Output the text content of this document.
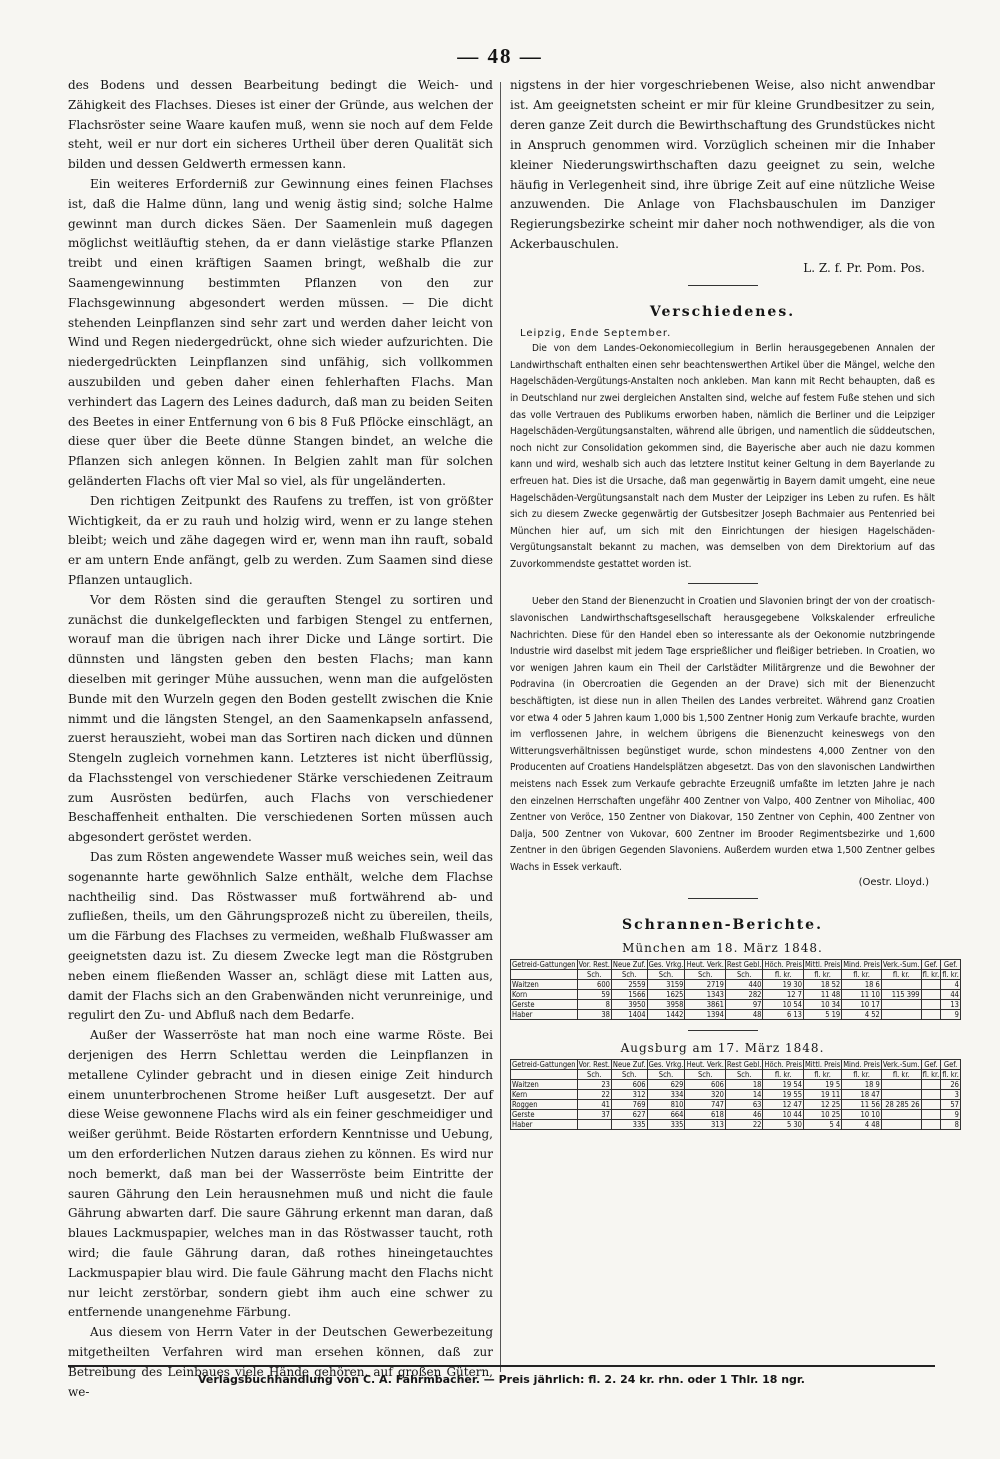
— 48 —

des Bodens und dessen Bearbeitung bedingt die Weich- und Zähigkeit des Flachses. Dieses ist einer der Gründe, aus welchen der Flachsröster seine Waare kaufen muß, wenn sie noch auf dem Felde steht, weil er nur dort ein sicheres Urtheil über deren Qualität sich bilden und dessen Geldwerth ermessen kann.

Ein weiteres Erforderniß zur Gewinnung eines feinen Flachses ist, daß die Halme dünn, lang und wenig ästig sind; solche Halme gewinnt man durch dickes Säen. Der Saamenlein muß dagegen möglichst weitläuftig stehen, da er dann vielästige starke Pflanzen treibt und einen kräftigen Saamen bringt, weßhalb die zur Saamengewinnung bestimmten Pflanzen von den zur Flachsgewinnung abgesondert werden müssen. — Die dicht stehenden Leinpflanzen sind sehr zart und werden daher leicht von Wind und Regen niedergedrückt, ohne sich wieder aufzurichten. Die niedergedrückten Leinpflanzen sind unfähig, sich vollkommen auszubilden und geben daher einen fehlerhaften Flachs. Man verhindert das Lagern des Leines dadurch, daß man zu beiden Seiten des Beetes in einer Entfernung von 6 bis 8 Fuß Pflöcke einschlägt, an diese quer über die Beete dünne Stangen bindet, an welche die Pflanzen sich anlegen können. In Belgien zahlt man für solchen geländerten Flachs oft vier Mal so viel, als für ungeländerten.

Den richtigen Zeitpunkt des Raufens zu treffen, ist von größter Wichtigkeit, da er zu rauh und holzig wird, wenn er zu lange stehen bleibt; weich und zähe dagegen wird er, wenn man ihn rauft, sobald er am untern Ende anfängt, gelb zu werden. Zum Saamen sind diese Pflanzen untauglich.

Vor dem Rösten sind die gerauften Stengel zu sortiren und zunächst die dunkelgefleckten und farbigen Stengel zu entfernen, worauf man die übrigen nach ihrer Dicke und Länge sortirt. Die dünnsten und längsten geben den besten Flachs; man kann dieselben mit geringer Mühe aussuchen, wenn man die aufgelösten Bunde mit den Wurzeln gegen den Boden gestellt zwischen die Knie nimmt und die längsten Stengel, an den Saamenkapseln anfassend, zuerst herauszieht, wobei man das Sortiren nach dicken und dünnen Stengeln zugleich vornehmen kann. Letzteres ist nicht überflüssig, da Flachsstengel von verschiedener Stärke verschiedenen Zeitraum zum Ausrösten bedürfen, auch Flachs von verschiedener Beschaffenheit enthalten. Die verschiedenen Sorten müssen auch abgesondert geröstet werden.

Das zum Rösten angewendete Wasser muß weiches sein, weil das sogenannte harte gewöhnlich Salze enthält, welche dem Flachse nachtheilig sind. Das Röstwasser muß fortwährend ab- und zufließen, theils, um den Gährungsprozeß nicht zu übereilen, theils, um die Färbung des Flachses zu vermeiden, weßhalb Flußwasser am geeignetsten dazu ist. Zu diesem Zwecke legt man die Röstgruben neben einem fließenden Wasser an, schlägt diese mit Latten aus, damit der Flachs sich an den Grabenwänden nicht verunreinige, und regulirt den Zu- und Abfluß nach dem Bedarfe.

Außer der Wasserröste hat man noch eine warme Röste. Bei derjenigen des Herrn Schlettau werden die Leinpflanzen in metallene Cylinder gebracht und in diesen einige Zeit hindurch einem ununterbrochenen Strome heißer Luft ausgesetzt. Der auf diese Weise gewonnene Flachs wird als ein feiner geschmeidiger und weißer gerühmt. Beide Röstarten erfordern Kenntnisse und Uebung, um den erforderlichen Nutzen daraus ziehen zu können. Es wird nur noch bemerkt, daß man bei der Wasserröste beim Eintritte der sauren Gährung den Lein herausnehmen muß und nicht die faule Gährung abwarten darf. Die saure Gährung erkennt man daran, daß blaues Lackmuspapier, welches man in das Röstwasser taucht, roth wird; die faule Gährung daran, daß rothes hineingetauchtes Lackmuspapier blau wird. Die faule Gährung macht den Flachs nicht nur leicht zerstörbar, sondern giebt ihm auch eine schwer zu entfernende unangenehme Färbung.

Aus diesem von Herrn Vater in der Deutschen Gewerbezeitung mitgetheilten Verfahren wird man ersehen können, daß zur Betreibung des Leinbaues viele Hände gehören, auf großen Gütern, we-

nigstens in der hier vorgeschriebenen Weise, also nicht anwendbar ist. Am geeignetsten scheint er mir für kleine Grundbesitzer zu sein, deren ganze Zeit durch die Bewirthschaftung des Grundstückes nicht in Anspruch genommen wird. Vorzüglich scheinen mir die Inhaber kleiner Niederungswirthschaften dazu geeignet zu sein, welche häufig in Verlegenheit sind, ihre übrige Zeit auf eine nützliche Weise anzuwenden. Die Anlage von Flachsbauschulen im Danziger Regierungsbezirke scheint mir daher noch nothwendiger, als die von Ackerbauschulen.

L. Z. f. Pr. Pom. Pos.
Verschiedenes.
Leipzig, Ende September.

Die von dem Landes-Oekonomiecollegium in Berlin herausgegebenen Annalen der Landwirthschaft enthalten einen sehr beachtenswerthen Artikel über die Mängel, welche den Hagelschäden-Vergütungs-Anstalten noch ankleben. Man kann mit Recht behaupten, daß es in Deutschland nur zwei dergleichen Anstalten sind, welche auf festem Fuße stehen und sich das volle Vertrauen des Publikums erworben haben, nämlich die Berliner und die Leipziger Hagelschäden-Vergütungsanstalten, während alle übrigen, und namentlich die süddeutschen, noch nicht zur Consolidation gekommen sind, die Bayerische aber auch nie dazu kommen kann und wird, weshalb sich auch das letztere Institut keiner Geltung in dem Bayerlande zu erfreuen hat. Dies ist die Ursache, daß man gegenwärtig in Bayern damit umgeht, eine neue Hagelschäden-Vergütungsanstalt nach dem Muster der Leipziger ins Leben zu rufen. Es hält sich zu diesem Zwecke gegenwärtig der Gutsbesitzer Joseph Bachmaier aus Pentenried bei München hier auf, um sich mit den Einrichtungen der hiesigen Hagelschäden-Vergütungsanstalt bekannt zu machen, was demselben von dem Direktorium auf das Zuvorkommendste gestattet worden ist.

Ueber den Stand der Bienenzucht in Croatien und Slavonien bringt der von der croatisch-slavonischen Landwirthschaftsgesellschaft herausgegebene Volkskalender erfreuliche Nachrichten. Diese für den Handel eben so interessante als der Oekonomie nutzbringende Industrie wird daselbst mit jedem Tage ersprießlicher und fleißiger betrieben. In Croatien, wo vor wenigen Jahren kaum ein Theil der Carlstädter Militärgrenze und die Bewohner der Podravina (in Obercroatien die Gegenden an der Drave) sich mit der Bienenzucht beschäftigten, ist diese nun in allen Theilen des Landes verbreitet. Während ganz Croatien vor etwa 4 oder 5 Jahren kaum 1,000 bis 1,500 Zentner Honig zum Verkaufe brachte, wurden im verflossenen Jahre, in welchem übrigens die Bienenzucht keineswegs von den Witterungsverhältnissen begünstiget wurde, schon mindestens 4,000 Zentner von den Producenten auf Croatiens Handelsplätzen abgesetzt. Das von den slavonischen Landwirthen meistens nach Essek zum Verkaufe gebrachte Erzeugniß umfaßte im letzten Jahre je nach den einzelnen Herrschaften ungefähr 400 Zentner von Valpo, 400 Zentner von Miholiac, 400 Zentner von Veröce, 150 Zentner von Diakovar, 150 Zentner von Cephin, 400 Zentner von Dalja, 500 Zentner von Vukovar, 600 Zentner im Brooder Regimentsbezirke und 1,600 Zentner in den übrigen Gegenden Slavoniens. Außerdem wurden etwa 1,500 Zentner gelbes Wachs in Essek verkauft.

(Oestr. Lloyd.)
Schrannen-Berichte.
München am 18. März 1848.
Getreid-Gattungen	Vor. Rest.	Neue Zuf.	Ges. Vrkg.	Heut. Verk.	Rest Gebl.	Höch. Preis	Mittl. Preis	Mind. Preis	Verk.-Sum.	Gef.	Gef.
	Sch.	Sch.	Sch.	Sch.	Sch.	fl. kr.	fl. kr.	fl. kr.	fl. kr.	fl. kr.	fl. kr.
Waitzen	600	2559	3159	2719	440	19 30	18 52	18 6			4
Korn	59	1566	1625	1343	282	12 7	11 48	11 10	115 399		44
Gerste	8	3950	3958	3861	97	10 54	10 34	10 17			13
Haber	38	1404	1442	1394	48	6 13	5 19	4 52			9
Augsburg am 17. März 1848.
Getreid-Gattungen	Vor. Rest.	Neue Zuf.	Ges. Vrkg.	Heut. Verk.	Rest Gebl.	Höch. Preis	Mittl. Preis	Mind. Preis	Verk.-Sum.	Gef.	Gef.
	Sch.	Sch.	Sch.	Sch.	Sch.	fl. kr.	fl. kr.	fl. kr.	fl. kr.	fl. kr.	fl. kr.
Waitzen	23	606	629	606	18	19 54	19 5	18 9			26
Kern	22	312	334	320	14	19 55	19 11	18 47			3
Roggen	41	769	810	747	63	12 47	12 25	11 56	28 285 26		57
Gerste	37	627	664	618	46	10 44	10 25	10 10			9
Haber		335	335	313	22	5 30	5 4	4 48			8
Verlagsbuchhandlung von C. A. Fahrmbacher. — Preis jährlich: fl. 2. 24 kr. rhn. oder 1 Thlr. 18 ngr.
